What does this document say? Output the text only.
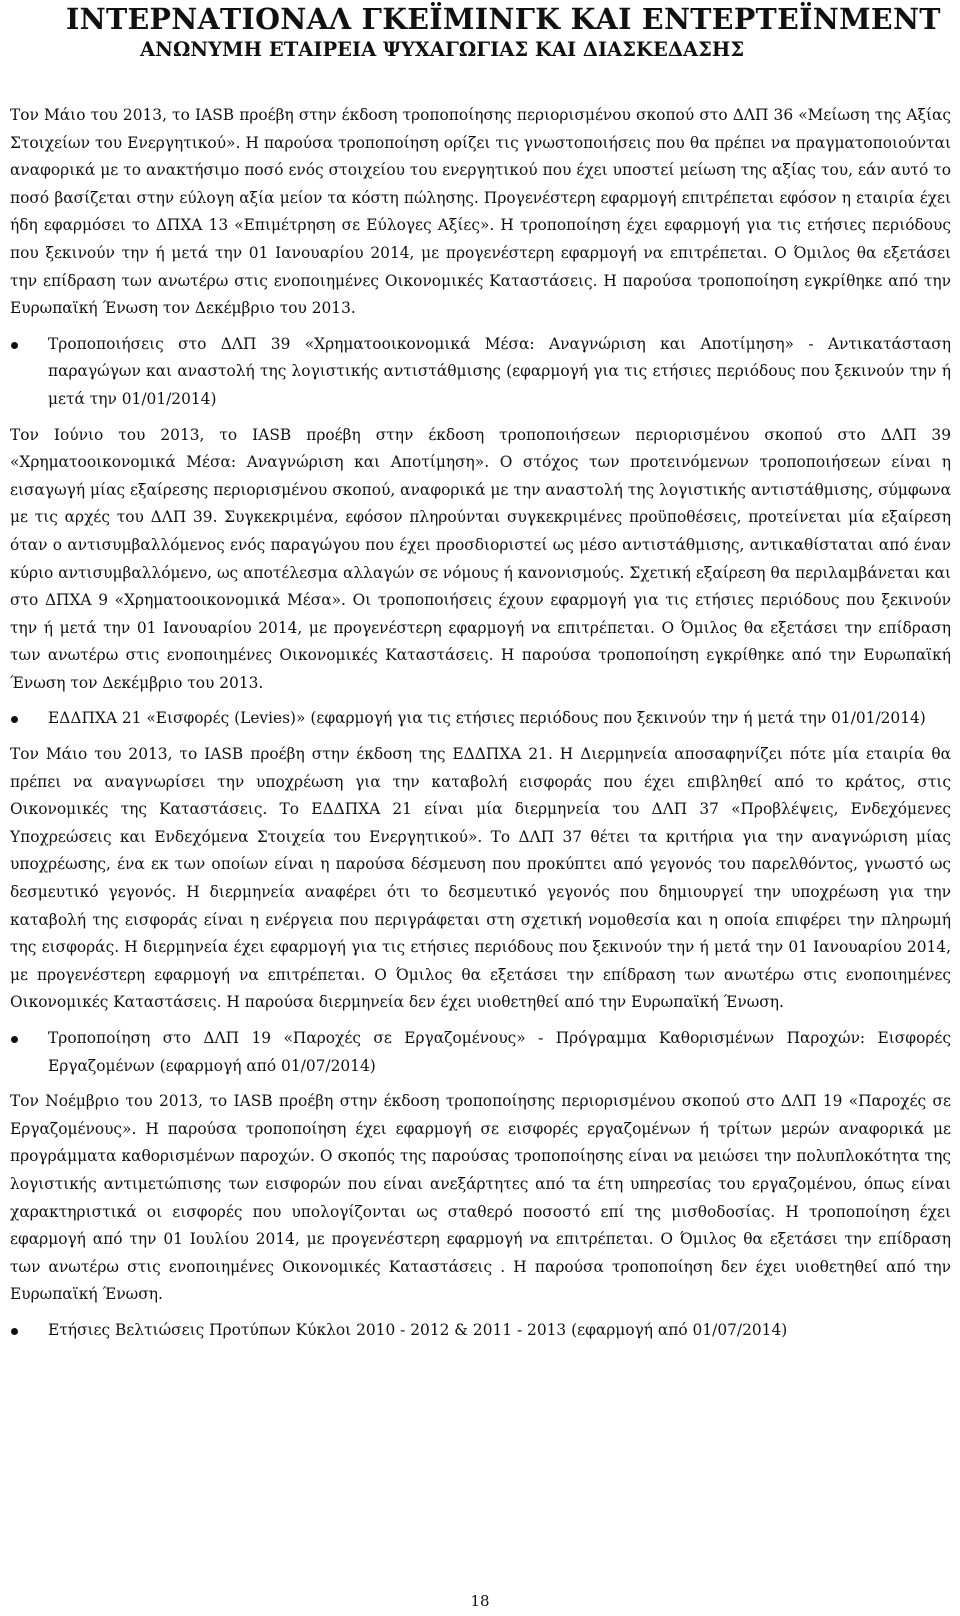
ΙΝΤΕΡΝΑΤΙΟΝΑΛ ΓΚΕΪΜΙΝΓΚ ΚΑΙ ΕΝΤΕΡΤΕΪΝΜΕΝΤ
ΑΝΩΝΥΜΗ ΕΤΑΙΡΕΙΑ ΨΥΧΑΓΩΓΙΑΣ ΚΑΙ ΔΙΑΣΚΕΔΑΣΗΣ

Τον Μάιο του 2013, το IASB προέβη στην έκδοση τροποποίησης περιορισμένου σκοπού στο ΔΛΠ 36 «Μείωση της Αξίας Στοιχείων του Ενεργητικού». Η παρούσα τροποποίηση ορίζει τις γνωστοποιήσεις που θα πρέπει να πραγματοποιούνται αναφορικά με το ανακτήσιμο ποσό ενός στοιχείου του ενεργητικού που έχει υποστεί μείωση της αξίας του, εάν αυτό το ποσό βασίζεται στην εύλογη αξία μείον τα κόστη πώλησης. Προγενέστερη εφαρμογή επιτρέπεται εφόσον η εταιρία έχει ήδη εφαρμόσει το ΔΠΧΑ 13 «Επιμέτρηση σε Εύλογες Αξίες». Η τροποποίηση έχει εφαρμογή για τις ετήσιες περιόδους που ξεκινούν την ή μετά την 01 Ιανουαρίου 2014, με προγενέστερη εφαρμογή να επιτρέπεται. Ο Όμιλος θα εξετάσει την επίδραση των ανωτέρω στις ενοποιημένες Οικονομικές Καταστάσεις. Η παρούσα τροποποίηση εγκρίθηκε από την Ευρωπαϊκή Ένωση τον Δεκέμβριο του 2013.

Τροποποιήσεις στο ΔΛΠ 39 «Χρηματοοικονομικά Μέσα: Αναγνώριση και Αποτίμηση» - Αντικατάσταση παραγώγων και αναστολή της λογιστικής αντιστάθμισης (εφαρμογή για τις ετήσιες περιόδους που ξεκινούν την ή μετά την 01/01/2014)

Τον Ιούνιο του 2013, το IASB προέβη στην έκδοση τροποποιήσεων περιορισμένου σκοπού στο ΔΛΠ 39 «Χρηματοοικονομικά Μέσα: Αναγνώριση και Αποτίμηση». Ο στόχος των προτεινόμενων τροποποιήσεων είναι η εισαγωγή μίας εξαίρεσης περιορισμένου σκοπού, αναφορικά με την αναστολή της λογιστικής αντιστάθμισης, σύμφωνα με τις αρχές του ΔΛΠ 39. Συγκεκριμένα, εφόσον πληρούνται συγκεκριμένες προϋποθέσεις, προτείνεται μία εξαίρεση όταν ο αντισυμβαλλόμενος ενός παραγώγου που έχει προσδιοριστεί ως μέσο αντιστάθμισης, αντικαθίσταται από έναν κύριο αντισυμβαλλόμενο, ως αποτέλεσμα αλλαγών σε νόμους ή κανονισμούς. Σχετική εξαίρεση θα περιλαμβάνεται και στο ΔΠΧΑ 9 «Χρηματοοικονομικά Μέσα». Οι τροποποιήσεις έχουν εφαρμογή για τις ετήσιες περιόδους που ξεκινούν την ή μετά την 01 Ιανουαρίου 2014, με προγενέστερη εφαρμογή να επιτρέπεται. Ο Όμιλος θα εξετάσει την επίδραση των ανωτέρω στις ενοποιημένες Οικονομικές Καταστάσεις. Η παρούσα τροποποίηση εγκρίθηκε από την Ευρωπαϊκή Ένωση τον Δεκέμβριο του 2013.

ΕΔΔΠΧΑ 21 «Εισφορές (Levies)» (εφαρμογή για τις ετήσιες περιόδους που ξεκινούν την ή μετά την 01/01/2014)

Τον Μάιο του 2013, το IASB προέβη στην έκδοση της ΕΔΔΠΧΑ 21. Η Διερμηνεία αποσαφηνίζει πότε μία εταιρία θα πρέπει να αναγνωρίσει την υποχρέωση για την καταβολή εισφοράς που έχει επιβληθεί από το κράτος, στις Οικονομικές της Καταστάσεις. Το ΕΔΔΠΧΑ 21 είναι μία διερμηνεία του ΔΛΠ 37 «Προβλέψεις, Ενδεχόμενες Υποχρεώσεις και Ενδεχόμενα Στοιχεία του Ενεργητικού». Το ΔΛΠ 37 θέτει τα κριτήρια για την αναγνώριση μίας υποχρέωσης, ένα εκ των οποίων είναι η παρούσα δέσμευση που προκύπτει από γεγονός του παρελθόντος, γνωστό ως δεσμευτικό γεγονός. Η διερμηνεία αναφέρει ότι το δεσμευτικό γεγονός που δημιουργεί την υποχρέωση για την καταβολή της εισφοράς είναι η ενέργεια που περιγράφεται στη σχετική νομοθεσία και η οποία επιφέρει την πληρωμή της εισφοράς. Η διερμηνεία έχει εφαρμογή για τις ετήσιες περιόδους που ξεκινούν την ή μετά την 01 Ιανουαρίου 2014, με προγενέστερη εφαρμογή να επιτρέπεται. Ο Όμιλος θα εξετάσει την επίδραση των ανωτέρω στις ενοποιημένες Οικονομικές Καταστάσεις. Η παρούσα διερμηνεία δεν έχει υιοθετηθεί από την Ευρωπαϊκή Ένωση.

Τροποποίηση στο ΔΛΠ 19 «Παροχές σε Εργαζομένους» - Πρόγραμμα Καθορισμένων Παροχών: Εισφορές Εργαζομένων (εφαρμογή από 01/07/2014)

Τον Νοέμβριο του 2013, το IASB προέβη στην έκδοση τροποποίησης περιορισμένου σκοπού στο ΔΛΠ 19 «Παροχές σε Εργαζομένους». Η παρούσα τροποποίηση έχει εφαρμογή σε εισφορές εργαζομένων ή τρίτων μερών αναφορικά με προγράμματα καθορισμένων παροχών. Ο σκοπός της παρούσας τροποποίησης είναι να μειώσει την πολυπλοκότητα της λογιστικής αντιμετώπισης των εισφορών που είναι ανεξάρτητες από τα έτη υπηρεσίας του εργαζομένου, όπως είναι χαρακτηριστικά οι εισφορές που υπολογίζονται ως σταθερό ποσοστό επί της μισθοδοσίας. Η τροποποίηση έχει εφαρμογή από την 01 Ιουλίου 2014, με προγενέστερη εφαρμογή να επιτρέπεται. Ο Όμιλος θα εξετάσει την επίδραση των ανωτέρω στις ενοποιημένες Οικονομικές Καταστάσεις . Η παρούσα τροποποίηση δεν έχει υιοθετηθεί από την Ευρωπαϊκή Ένωση.

Ετήσιες Βελτιώσεις Προτύπων Κύκλοι 2010 - 2012 & 2011 - 2013 (εφαρμογή από 01/07/2014)

18
